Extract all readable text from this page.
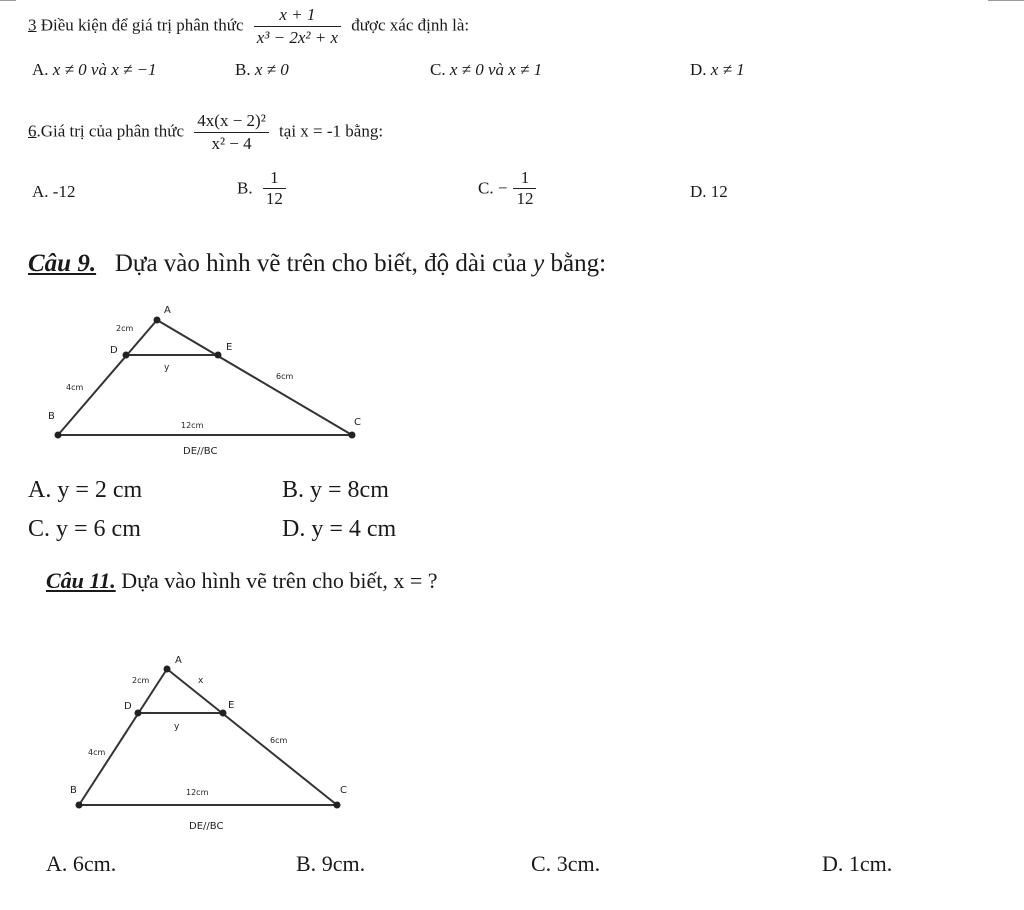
3 Điều kiện để giá trị phân thức $\frac{x + 1}{\text{x³ − 2x² + x}}$ được xác định là:
A. x ≠ 0 và x ≠ −1	B. x ≠ 0	C. x ≠ 0 và x ≠ 1	D. x ≠ 1
6.Giá trị của phân thức $\frac{\text{4x(x − 2)²}}{\text{x² − 4}}$ tại x = -1 bằng:
A. -12	B. $\frac{1}{12}$	C. − $\frac{1}{12}$	D. 12
Câu 9. Dựa vào hình vẽ trên cho biết, độ dài của y bằng:
A
D	E
B
C
2cm
4cm
6cm
y
12cm
DE//BC
A. y = 2 cm	B. y = 8cm
C. y = 6 cm	D. y = 4 cm
Câu 11. Dựa vào hình vẽ trên cho biết, x = ?
A
D	E
B	C
2cm	x
4cm
6cm
y
12cm
DE//BC
A. 6cm.	B. 9cm.	C. 3cm.	D. 1cm.
